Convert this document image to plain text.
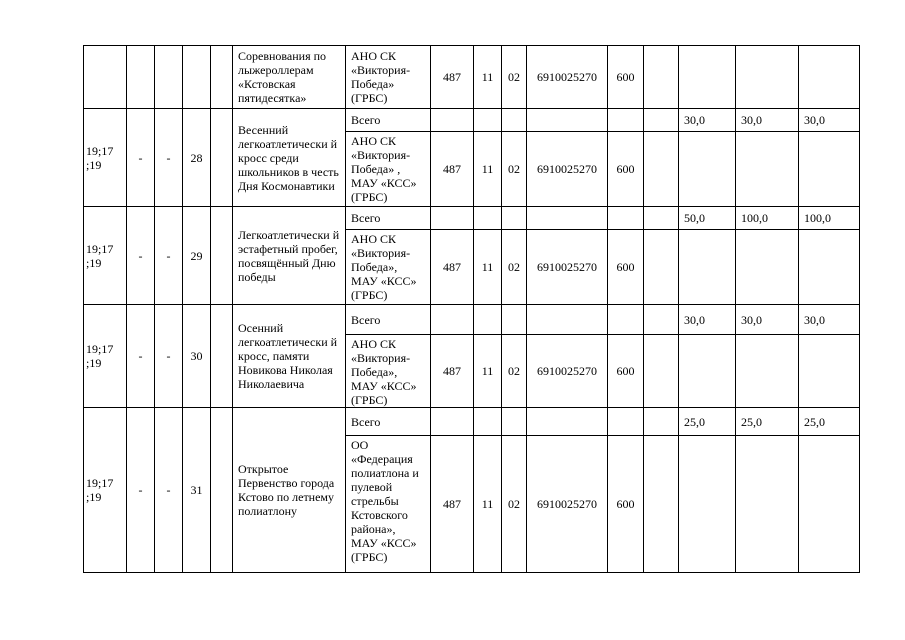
					Соревнования по лыжероллерам «Кстовская пятидесятка»	АНО СК «Виктория-Победа» (ГРБС)	487	11	02	6910025270	600				
19;17 ;19	-	-	28		Весенний легкоатлетически й кросс среди школьников в честь Дня Космонавтики	Всего							30,0	30,0	30,0
						АНО СК «Виктория-Победа» , МАУ «КСС» (ГРБС)	487	11	02	6910025270	600				
19;17 ;19	-	-	29		Легкоатлетически й эстафетный пробег, посвящённый Дню победы	Всего							50,0	100,0	100,0
						АНО СК «Виктория-Победа», МАУ «КСС» (ГРБС)	487	11	02	6910025270	600				
19;17 ;19	-	-	30		Осенний легкоатлетически й кросс, памяти Новикова Николая Николаевича	Всего							30,0	30,0	30,0
						АНО СК «Виктория-Победа», МАУ «КСС» (ГРБС)	487	11	02	6910025270	600				
19;17 ;19	-	-	31		Открытое Первенство города Кстово по летнему полиатлону	Всего							25,0	25,0	25,0
						ОО «Федерация полиатлона и пулевой стрельбы Кстовского района», МАУ «КСС» (ГРБС)	487	11	02	6910025270	600				
